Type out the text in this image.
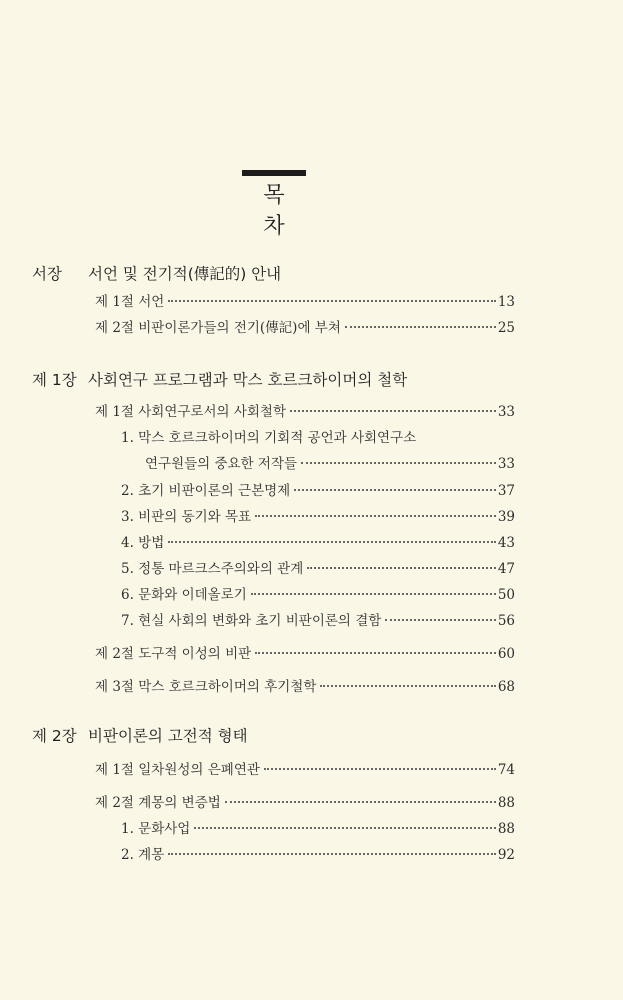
목 차
서장 서언 및 전기적(傳記的) 안내
제 1절 서언	13
제 2절 비판이론가들의 전기(傳記)에 부쳐	25
제 1장 사회연구 프로그램과 막스 호르크하이머의 철학
제 1절 사회연구로서의 사회철학	33
1. 막스 호르크하이머의 기회적 공언과 사회연구소
연구원들의 중요한 저작들	33
2. 초기 비판이론의 근본명제	37
3. 비판의 동기와 목표	39
4. 방법	43
5. 정통 마르크스주의와의 관계	47
6. 문화와 이데올로기	50
7. 현실 사회의 변화와 초기 비판이론의 결함	56
제 2절 도구적 이성의 비판	60
제 3절 막스 호르크하이머의 후기철학	68
제 2장 비판이론의 고전적 형태
제 1절 일차원성의 은폐연관	74
제 2절 계몽의 변증법	88
1. 문화사업	88
2. 계몽	92
